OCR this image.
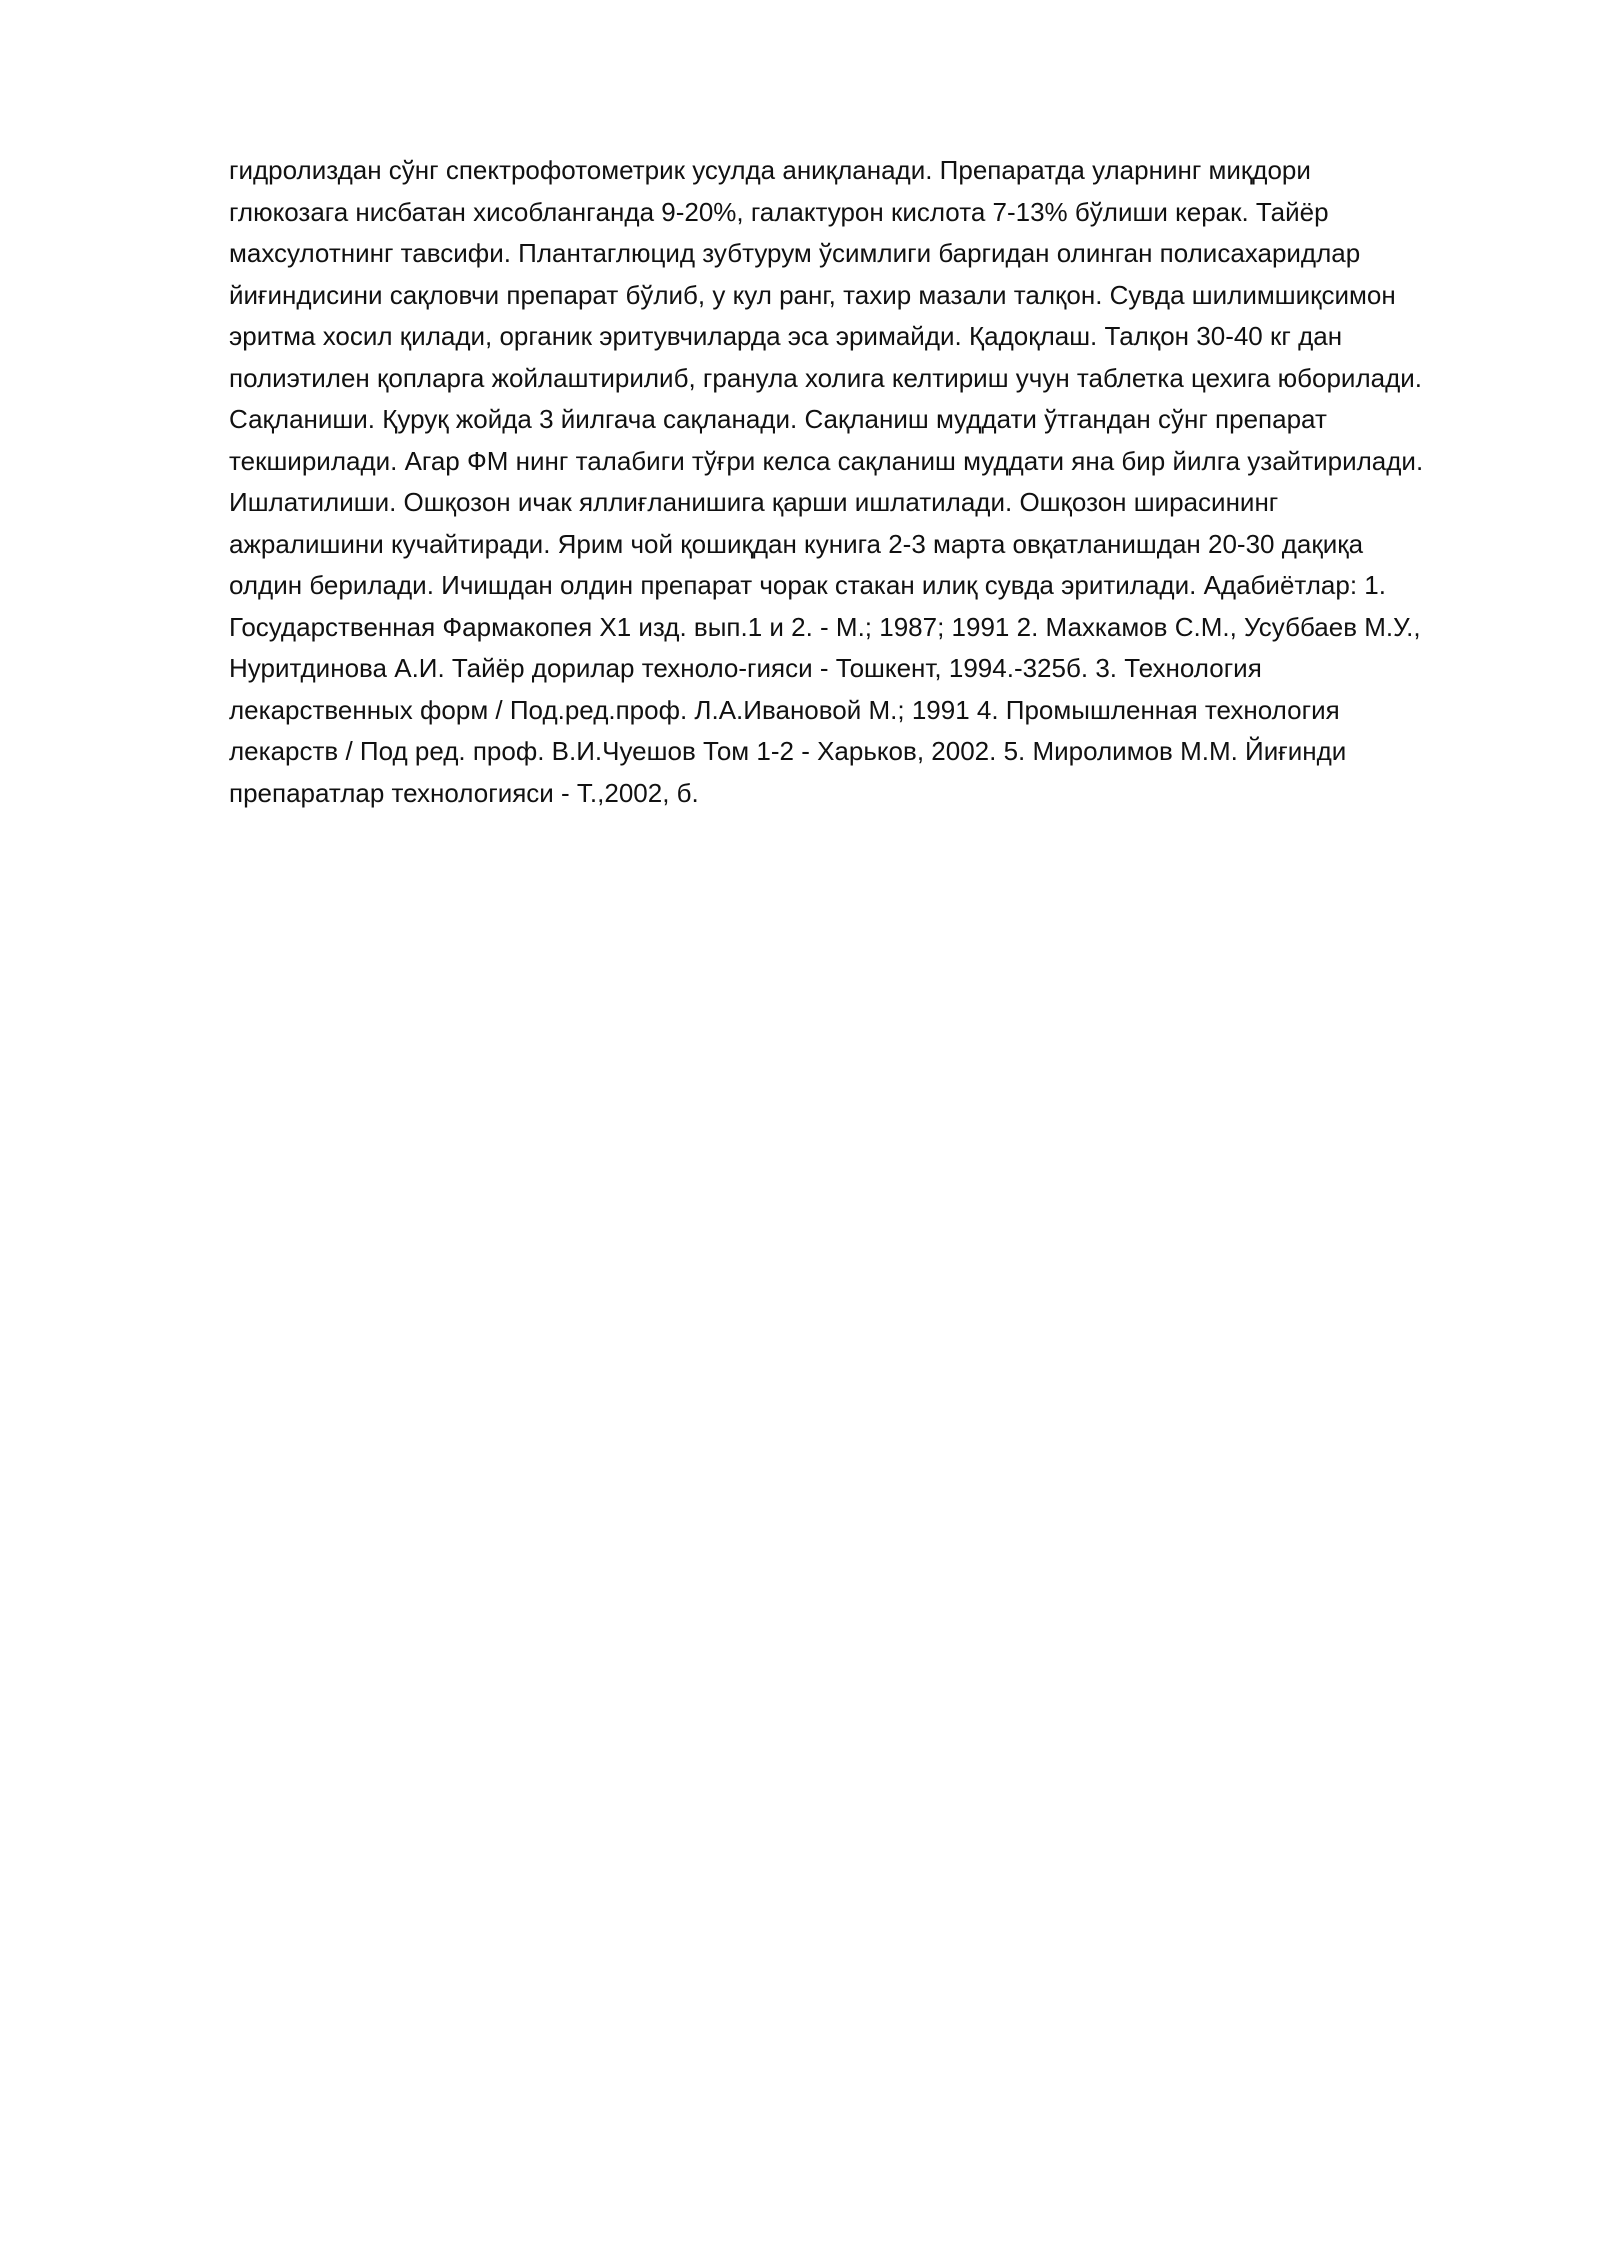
гидролиздан сўнг спектрофотометрик усулда аниқланади. Препаратда уларнинг миқдори
глюкозага нисбатан хисоблангaнда 9-20%, галактурон кислота 7-13% бўлиши керак. Тайёр
махсулотнинг тавсифи. Плантаглюцид зубтурум ўсимлиги баргидан олинган полисахаридлар
йиғиндисини сақловчи препарат бўлиб, у кул ранг, тахир мазали талқон. Сувда шилимшиқсимон
эритма хосил қилади, органик эритувчиларда эса эримайди. Қадоқлаш. Талқон 30-40 кг дан
полиэтилен қопларга жойлаштирилиб, гранула холига келтириш учун таблетка цехига юборилади.
Сақланиши. Қуруқ жойда 3 йилгача сақланади. Сақланиш муддати ўтгандан сўнг препарат
текширилади. Агар ФМ нинг талабиги тўғри келса сақланиш муддати яна бир йилга узайтирилади.
Ишлатилиши. Ошқозон ичак яллиғланишига қарши ишлатилади. Ошқозон ширасининг
ажралишини кучайтиради. Ярим чой қошиқдан кунига 2-3 марта овқатланишдан 20-30 дақиқа
олдин берилади. Ичишдан олдин препарат чорак стакан илиқ сувда эритилади. Адабиётлар: 1.
Государственная Фармакопея X1 изд. вып.1 и 2. - М.; 1987; 1991 2. Махкамов С.М., Усуббаев М.У.,
Нуритдинова А.И. Тайёр дорилар техноло-гияси - Тошкент, 1994.-325б. 3. Технология
лекарственных форм / Под.ред.проф. Л.А.Ивановой М.; 1991 4. Промышленная технология
лекарств / Под ред. проф. В.И.Чуешов Том 1-2 - Харьков, 2002. 5. Миролимов М.М. Йиғинди
препаратлар технологияси - Т.,2002, б.
